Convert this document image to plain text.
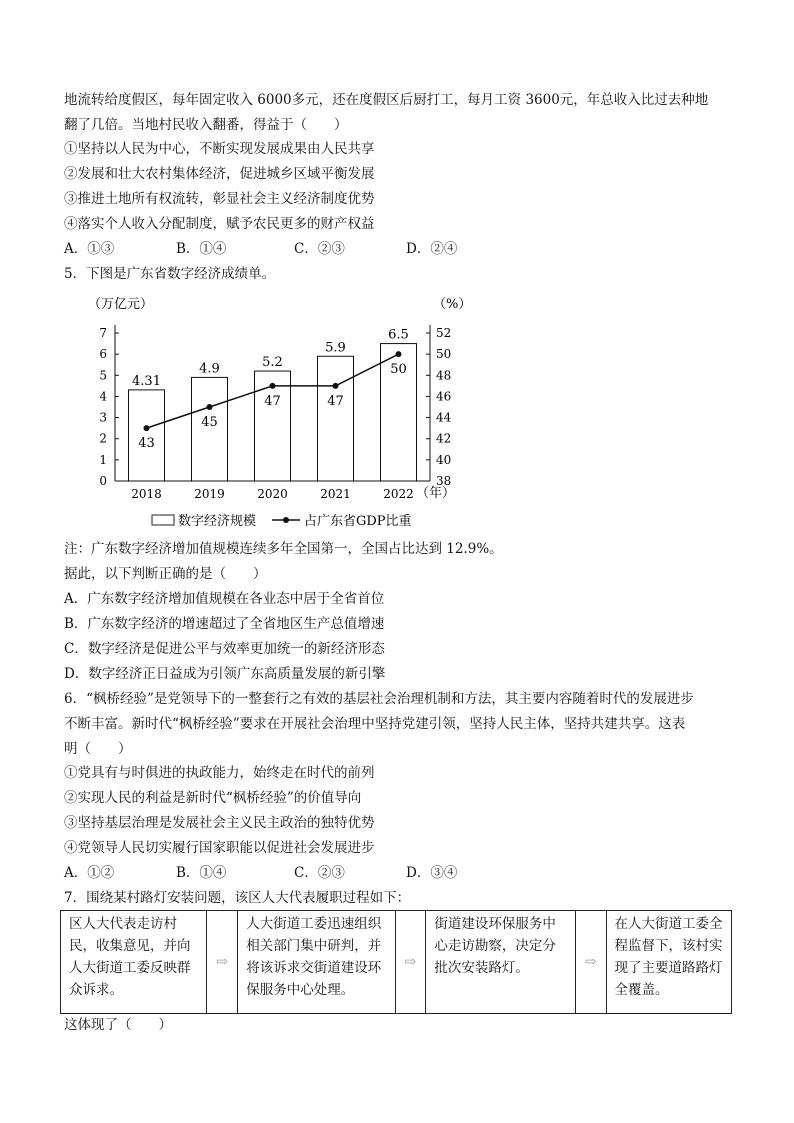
地流转给度假区，每年固定收入 6000多元，还在度假区后厨打工，每月工资 3600元，年总收入比过去种地
翻了几倍。当地村民收入翻番，得益于（　　）
①坚持以人民为中心，不断实现发展成果由人民共享
②发展和壮大农村集体经济，促进城乡区域平衡发展
③推进土地所有权流转，彰显社会主义经济制度优势
④落实个人收入分配制度，赋予农民更多的财产权益
A．①③	B．①④	C．②③	D．②④
5．下图是广东省数字经济成绩单。
（万亿元）	（%）
0
1
2
3
4
5
6
7
38
40
42
44
46
48
50
52
4.31
4.9	5.2
5.9
6.5
43
45
47	47
50
2018	2019	2020	2021	2022 （年）
数字经济规模	占广东省GDP比重
注：广东数字经济增加值规模连续多年全国第一，全国占比达到 12.9%。
据此，以下判断正确的是（　　）
A．广东数字经济增加值规模在各业态中居于全省首位
B．广东数字经济的增速超过了全省地区生产总值增速
C．数字经济是促进公平与效率更加统一的新经济形态
D．数字经济正日益成为引领广东高质量发展的新引擎
6．“枫桥经验”是党领导下的一整套行之有效的基层社会治理机制和方法，其主要内容随着时代的发展进步
不断丰富。新时代“枫桥经验”要求在开展社会治理中坚持党建引领，坚持人民主体，坚持共建共享。这表
明（　　）
①党具有与时俱进的执政能力，始终走在时代的前列
②实现人民的利益是新时代“枫桥经验”的价值导向
③坚持基层治理是发展社会主义民主政治的独特优势
④党领导人民切实履行国家职能以促进社会发展进步
A．①②	B．①④	C．②③	D．③④
7．围绕某村路灯安装问题，该区人大代表履职过程如下：
区人大代表走访村民，收集意见，并向人大街道工委反映群众诉求。
⇨
人大街道工委迅速组织相关部门集中研判，并将该诉求交街道建设环保服务中心处理。
⇨
街道建设环保服务中心走访勘察，决定分批次安装路灯。	⇨
在人大街道工委全程监督下，该村实现了主要道路路灯全覆盖。
这体现了（　　）
